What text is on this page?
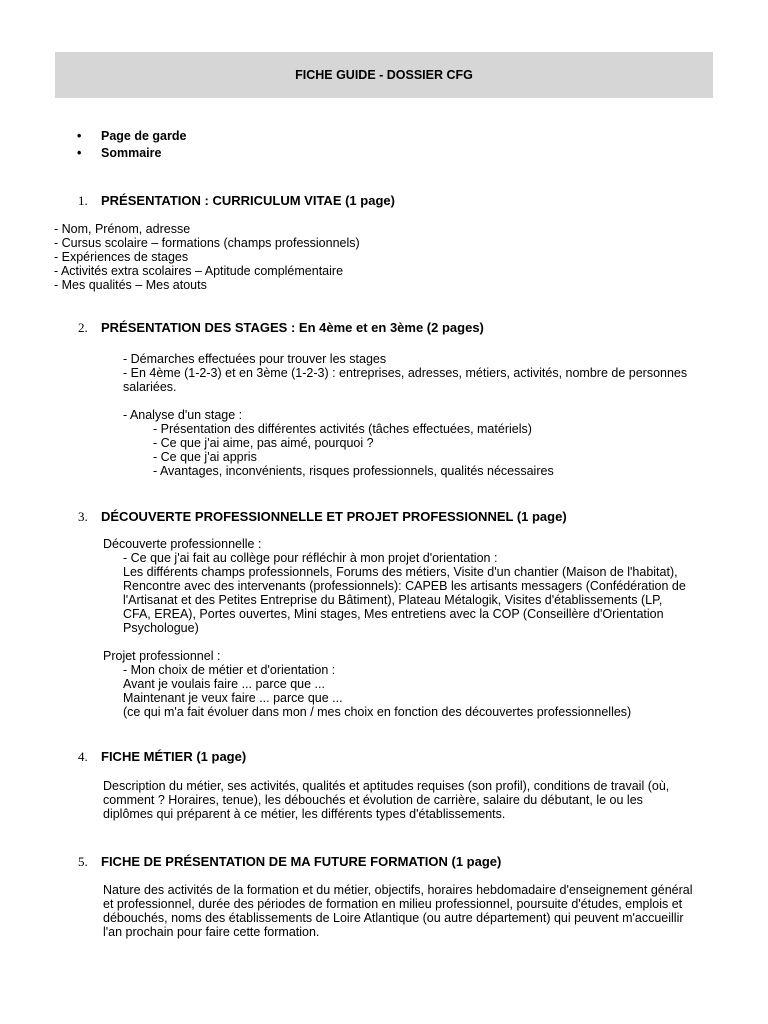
FICHE GUIDE - DOSSIER CFG
• Page de garde
• Sommaire
1. PRÉSENTATION : CURRICULUM VITAE (1 page)
- Nom, Prénom, adresse
- Cursus scolaire – formations (champs professionnels)
- Expériences de stages
- Activités extra scolaires – Aptitude complémentaire
- Mes qualités – Mes atouts
2. PRÉSENTATION DES STAGES : En 4ème et en 3ème (2 pages)
- Démarches effectuées pour trouver les stages
- En 4ème (1-2-3) et en 3ème (1-2-3) : entreprises, adresses, métiers, activités, nombre de personnes
salariées.
- Analyse d'un stage :
- Présentation des différentes activités (tâches effectuées, matériels)
- Ce que j'ai aime, pas aimé, pourquoi ?
- Ce que j'ai appris
- Avantages, inconvénients, risques professionnels, qualités nécessaires
3. DÉCOUVERTE PROFESSIONNELLE ET PROJET PROFESSIONNEL (1 page)
Découverte professionnelle :
- Ce que j'ai fait au collège pour réfléchir à mon projet d'orientation :
Les différents champs professionnels, Forums des métiers, Visite d'un chantier (Maison de l'habitat),
Rencontre avec des intervenants (professionnels): CAPEB les artisants messagers (Confédération de
l'Artisanat et des Petites Entreprise du Bâtiment), Plateau Métalogik, Visites d'établissements (LP,
CFA, EREA), Portes ouvertes, Mini stages, Mes entretiens avec la COP (Conseillère d'Orientation
Psychologue)
Projet professionnel :
- Mon choix de métier et d'orientation :
Avant je voulais faire ... parce que ...
Maintenant je veux faire ... parce que ...
(ce qui m'a fait évoluer dans mon / mes choix en fonction des découvertes professionnelles)
4. FICHE MÉTIER (1 page)
Description du métier, ses activités, qualités et aptitudes requises (son profil), conditions de travail (où,
comment ? Horaires, tenue), les débouchés et évolution de carrière, salaire du débutant, le ou les
diplômes qui préparent à ce métier, les différents types d'établissements.
5. FICHE DE PRÉSENTATION DE MA FUTURE FORMATION (1 page)
Nature des activités de la formation et du métier, objectifs, horaires hebdomadaire d'enseignement général
et professionnel, durée des périodes de formation en milieu professionnel, poursuite d'études, emplois et
débouchés, noms des établissements de Loire Atlantique (ou autre département) qui peuvent m'accueillir
l'an prochain pour faire cette formation.
